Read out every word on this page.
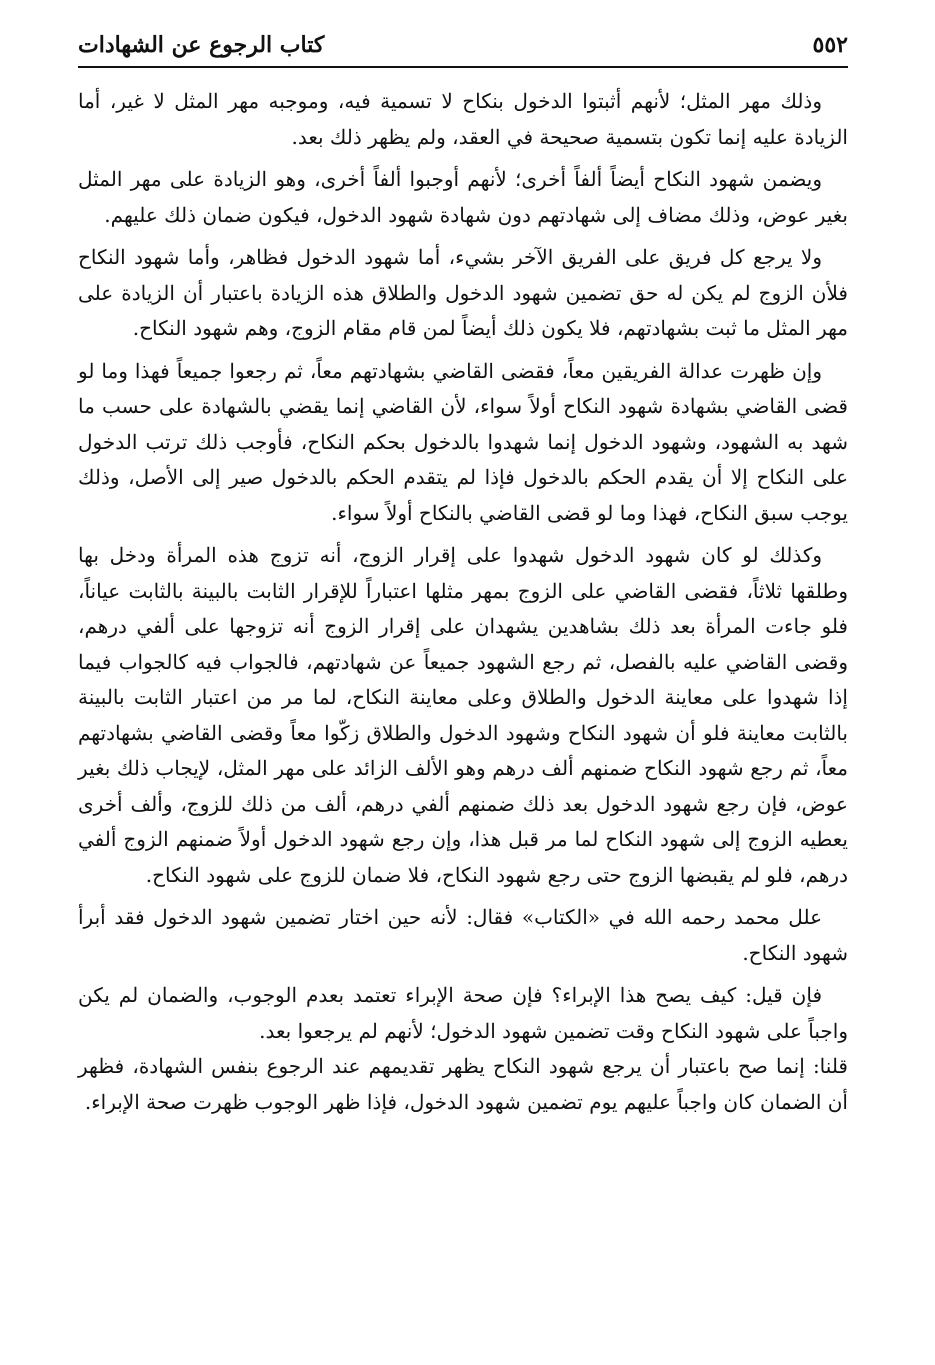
٥٥٢
كتاب الرجوع عن الشهادات

وذلك مهر المثل؛ لأنهم أثبتوا الدخول بنكاح لا تسمية فيه، وموجبه مهر المثل لا غير، أما الزيادة عليه إنما تكون بتسمية صحيحة في العقد، ولم يظهر ذلك بعد.

ويضمن شهود النكاح أيضاً ألفاً أخرى؛ لأنهم أوجبوا ألفاً أخرى، وهو الزيادة على مهر المثل بغير عوض، وذلك مضاف إلى شهادتهم دون شهادة شهود الدخول، فيكون ضمان ذلك عليهم.

ولا يرجع كل فريق على الفريق الآخر بشيء، أما شهود الدخول فظاهر، وأما شهود النكاح فلأن الزوج لم يكن له حق تضمين شهود الدخول والطلاق هذه الزيادة باعتبار أن الزيادة على مهر المثل ما ثبت بشهادتهم، فلا يكون ذلك أيضاً لمن قام مقام الزوج، وهم شهود النكاح.

وإن ظهرت عدالة الفريقين معاً، فقضى القاضي بشهادتهم معاً، ثم رجعوا جميعاً فهذا وما لو قضى القاضي بشهادة شهود النكاح أولاً سواء، لأن القاضي إنما يقضي بالشهادة على حسب ما شهد به الشهود، وشهود الدخول إنما شهدوا بالدخول بحكم النكاح، فأوجب ذلك ترتب الدخول على النكاح إلا أن يقدم الحكم بالدخول فإذا لم يتقدم الحكم بالدخول صير إلى الأصل، وذلك يوجب سبق النكاح، فهذا وما لو قضى القاضي بالنكاح أولاً سواء.

وكذلك لو كان شهود الدخول شهدوا على إقرار الزوج، أنه تزوج هذه المرأة ودخل بها وطلقها ثلاثاً، فقضى القاضي على الزوج بمهر مثلها اعتباراً للإقرار الثابت بالبينة بالثابت عياناً، فلو جاءت المرأة بعد ذلك بشاهدين يشهدان على إقرار الزوج أنه تزوجها على ألفي درهم، وقضى القاضي عليه بالفصل، ثم رجع الشهود جميعاً عن شهادتهم، فالجواب فيه كالجواب فيما إذا شهدوا على معاينة الدخول والطلاق وعلى معاينة النكاح، لما مر من اعتبار الثابت بالبينة بالثابت معاينة فلو أن شهود النكاح وشهود الدخول والطلاق زكّوا معاً وقضى القاضي بشهادتهم معاً، ثم رجع شهود النكاح ضمنهم ألف درهم وهو الألف الزائد على مهر المثل، لإيجاب ذلك بغير عوض، فإن رجع شهود الدخول بعد ذلك ضمنهم ألفي درهم، ألف من ذلك للزوج، وألف أخرى يعطيه الزوج إلى شهود النكاح لما مر قبل هذا، وإن رجع شهود الدخول أولاً ضمنهم الزوج ألفي درهم، فلو لم يقبضها الزوج حتى رجع شهود النكاح، فلا ضمان للزوج على شهود النكاح.

علل محمد رحمه الله في «الكتاب» فقال: لأنه حين اختار تضمين شهود الدخول فقد أبرأ شهود النكاح.

فإن قيل: كيف يصح هذا الإبراء؟ فإن صحة الإبراء تعتمد بعدم الوجوب، والضمان لم يكن واجباً على شهود النكاح وقت تضمين شهود الدخول؛ لأنهم لم يرجعوا بعد.

قلنا: إنما صح باعتبار أن يرجع شهود النكاح يظهر تقديمهم عند الرجوع بنفس الشهادة، فظهر أن الضمان كان واجباً عليهم يوم تضمين شهود الدخول، فإذا ظهر الوجوب ظهرت صحة الإبراء.
